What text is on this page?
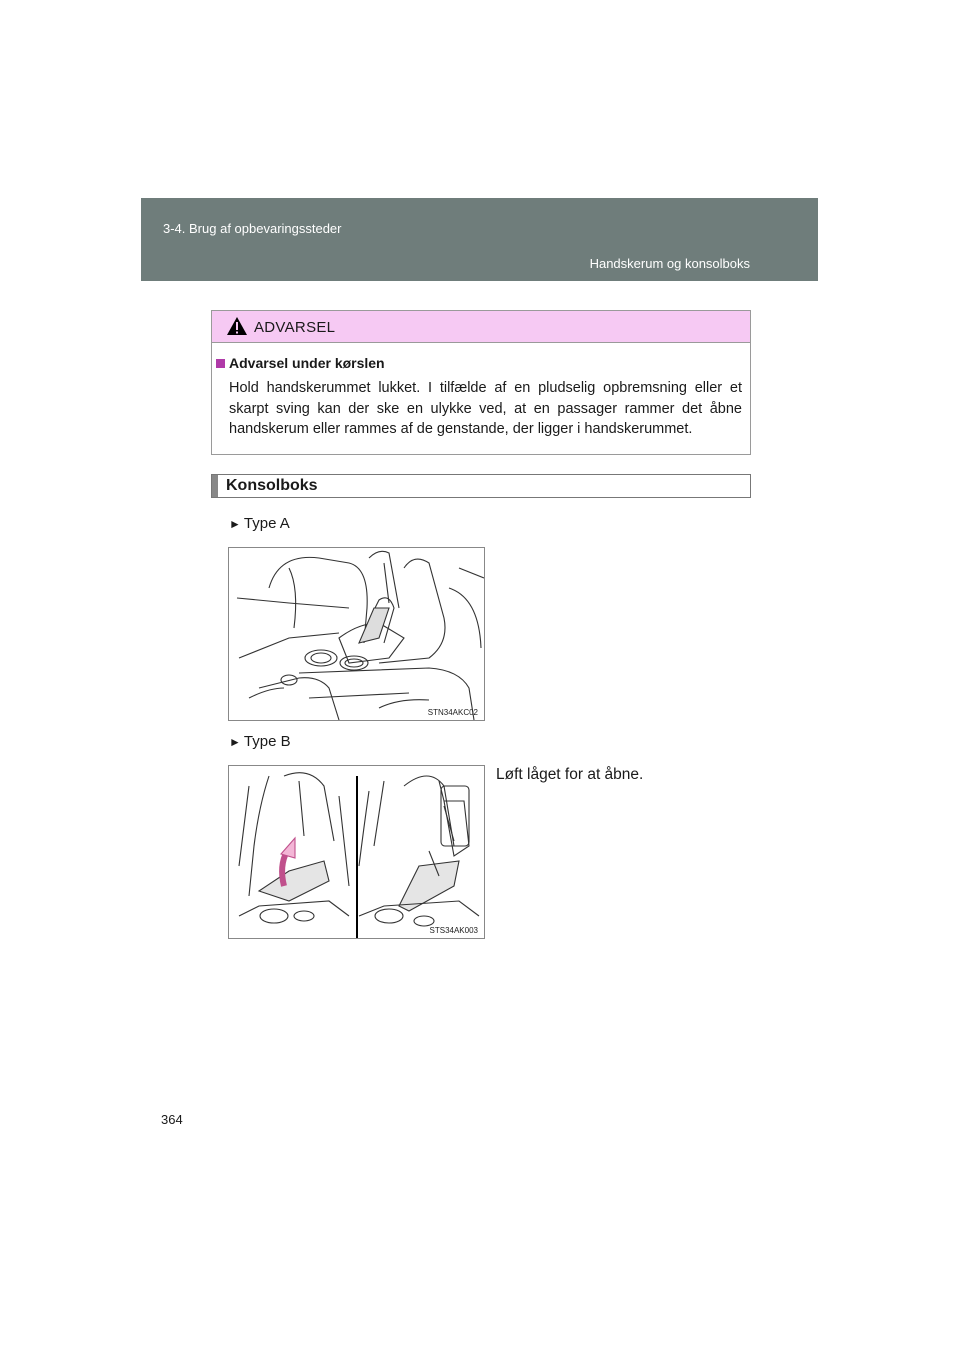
3-4. Brug af opbevaringssteder
Handskerum og konsolboks
ADVARSEL
Advarsel under kørslen
Hold handskerummet lukket. I tilfælde af en pludselig opbremsning eller et skarpt sving kan der ske en ulykke ved, at en passager rammer det åbne handskerum eller rammes af de genstande, der ligger i handskerummet.
Konsolboks
► Type A
STN34AKC02
► Type B
STS34AK003
Løft låget for at åbne.
364
